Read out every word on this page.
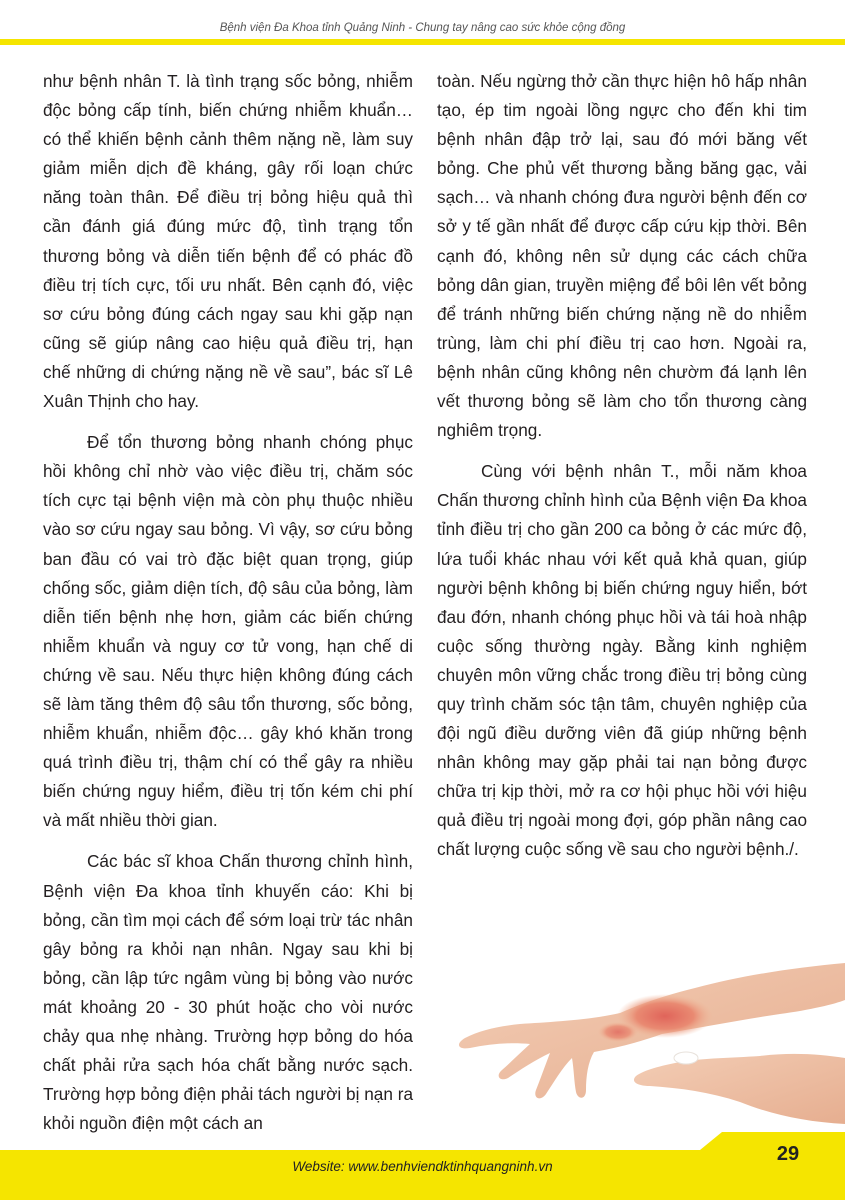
Bệnh viện Đa Khoa tỉnh Quảng Ninh - Chung tay nâng cao sức khỏe cộng đồng

như bệnh nhân T. là tình trạng sốc bỏng, nhiễm độc bỏng cấp tính, biến chứng nhiễm khuẩn… có thể khiến bệnh cảnh thêm nặng nề, làm suy giảm miễn dịch đề kháng, gây rối loạn chức năng toàn thân. Để điều trị bỏng hiệu quả thì cần đánh giá đúng mức độ, tình trạng tổn thương bỏng và diễn tiến bệnh để có phác đồ điều trị tích cực, tối ưu nhất. Bên cạnh đó, việc sơ cứu bỏng đúng cách ngay sau khi gặp nạn cũng sẽ giúp nâng cao hiệu quả điều trị, hạn chế những di chứng nặng nề về sau”, bác sĩ Lê Xuân Thịnh cho hay.

Để tổn thương bỏng nhanh chóng phục hồi không chỉ nhờ vào việc điều trị, chăm sóc tích cực tại bệnh viện mà còn phụ thuộc nhiều vào sơ cứu ngay sau bỏng. Vì vậy, sơ cứu bỏng ban đầu có vai trò đặc biệt quan trọng, giúp chống sốc, giảm diện tích, độ sâu của bỏng, làm diễn tiến bệnh nhẹ hơn, giảm các biến chứng nhiễm khuẩn và nguy cơ tử vong, hạn chế di chứng về sau. Nếu thực hiện không đúng cách sẽ làm tăng thêm độ sâu tổn thương, sốc bỏng, nhiễm khuẩn, nhiễm độc… gây khó khăn trong quá trình điều trị, thậm chí có thể gây ra nhiều biến chứng nguy hiểm, điều trị tốn kém chi phí và mất nhiều thời gian.

Các bác sĩ khoa Chấn thương chỉnh hình, Bệnh viện Đa khoa tỉnh khuyến cáo: Khi bị bỏng, cần tìm mọi cách để sớm loại trừ tác nhân gây bỏng ra khỏi nạn nhân. Ngay sau khi bị bỏng, cần lập tức ngâm vùng bị bỏng vào nước mát khoảng 20 - 30 phút hoặc cho vòi nước chảy qua nhẹ nhàng. Trường hợp bỏng do hóa chất phải rửa sạch hóa chất bằng nước sạch. Trường hợp bỏng điện phải tách người bị nạn ra khỏi nguồn điện một cách an

toàn. Nếu ngừng thở cần thực hiện hô hấp nhân tạo, ép tim ngoài lồng ngực cho đến khi tim bệnh nhân đập trở lại, sau đó mới băng vết bỏng. Che phủ vết thương bằng băng gạc, vải sạch… và nhanh chóng đưa người bệnh đến cơ sở y tế gần nhất để được cấp cứu kịp thời. Bên cạnh đó, không nên sử dụng các cách chữa bỏng dân gian, truyền miệng để bôi lên vết bỏng để tránh những biến chứng nặng nề do nhiễm trùng, làm chi phí điều trị cao hơn. Ngoài ra, bệnh nhân cũng không nên chườm đá lạnh lên vết thương bỏng sẽ làm cho tổn thương càng nghiêm trọng.

Cùng với bệnh nhân T., mỗi năm khoa Chấn thương chỉnh hình của Bệnh viện Đa khoa tỉnh điều trị cho gần 200 ca bỏng ở các mức độ, lứa tuổi khác nhau với kết quả khả quan, giúp người bệnh không bị biến chứng nguy hiển, bớt đau đớn, nhanh chóng phục hồi và tái hoà nhập cuộc sống thường ngày. Bằng kinh nghiệm chuyên môn vững chắc trong điều trị bỏng cùng quy trình chăm sóc tận tâm, chuyên nghiệp của đội ngũ điều dưỡng viên đã giúp những bệnh nhân không may gặp phải tai nạn bỏng được chữa trị kịp thời, mở ra cơ hội phục hồi với hiệu quả điều trị ngoài mong đợi, góp phần nâng cao chất lượng cuộc sống về sau cho người bệnh./.

Website: www.benhviendktinhquangninh.vn
29
